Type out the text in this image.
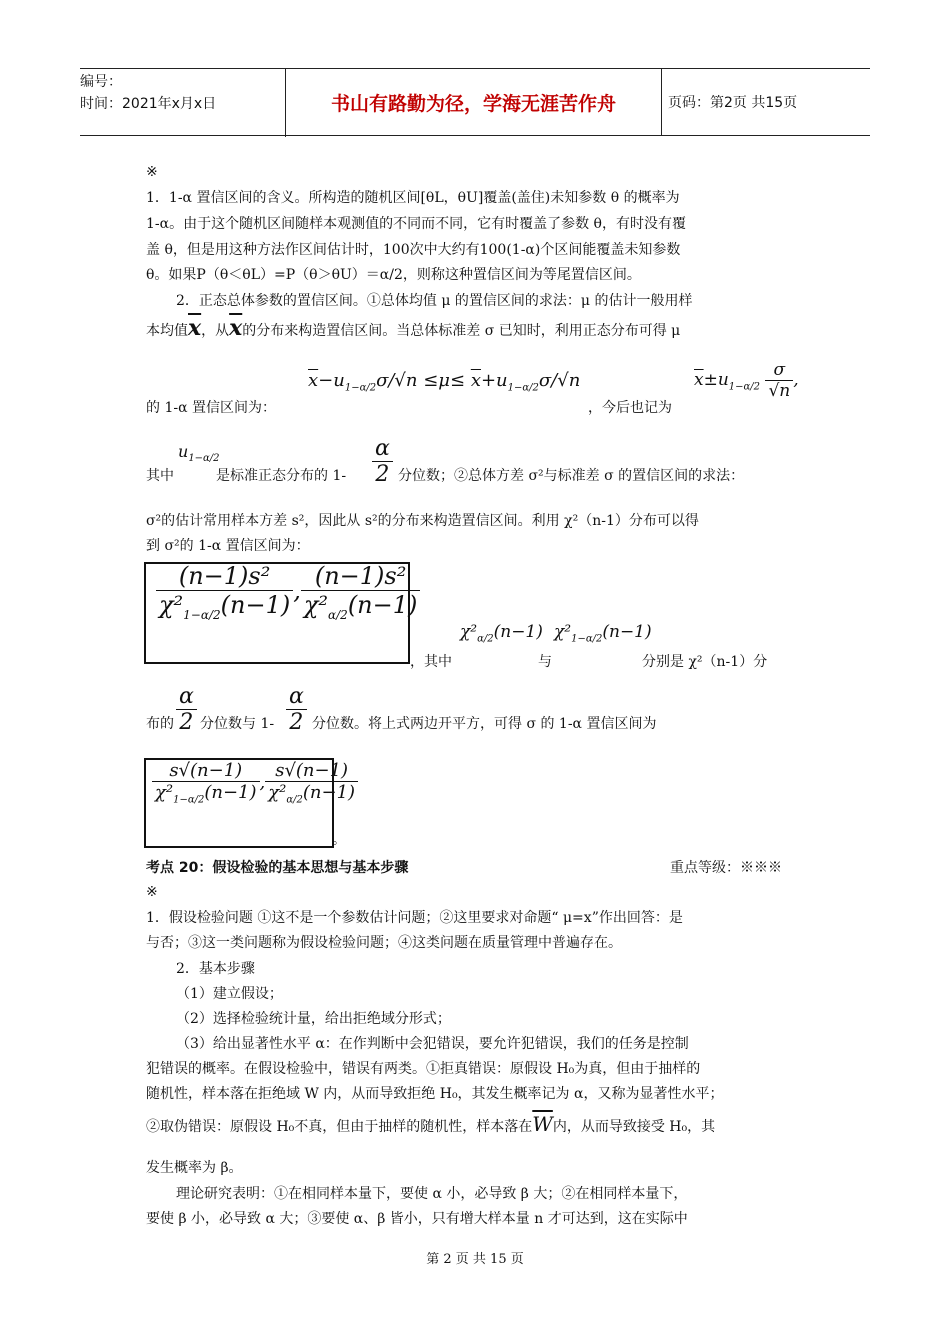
编号：
时间：2021年x月x日	书山有路勤为径，学海无涯苦作舟	页码：第2页 共15页
※
1．1-α 置信区间的含义。所构造的随机区间[θL，θU]覆盖(盖住)未知参数 θ 的概率为
1-α。由于这个随机区间随样本观测值的不同而不同，它有时覆盖了参数 θ，有时没有覆
盖 θ，但是用这种方法作区间估计时，100次中大约有100(1-α)个区间能覆盖未知参数
θ。如果P（θ＜θL）=P（θ＞θU）＝α/2，则称这种置信区间为等尾置信区间。
2．正态总体参数的置信区间。①总体均值 μ 的置信区间的求法：μ 的估计一般用样
本均值$\overline{x}$，从$\overline{x}$的分布来构造置信区间。当总体标准差 σ 已知时，利用正态分布可得 μ
$\overline{x}-u_{1-\alpha/2}\sigma/√n \le\mu\le \overline{x}+u_{1-\alpha/2}\sigma/√n$
的 1-α 置信区间为：	，今后也记为
$\overline{x}\pm u_{1-\alpha/2} \frac{\sigma}{√n}$ ,
$u_{1-\alpha/2}$
其中	是标准正态分布的 $1- \frac{\alpha}{2}$ 分位数；②总体方差 σ²与标准差 σ 的置信区间的求法：
σ²的估计常用样本方差 s²，因此从 s²的分布来构造置信区间。利用 χ²（n-1）分布可以得
到 σ²的 1-α 置信区间为：
$\frac{\text{(n−1)s²}}{\chi^2_{1-\alpha/2}(n-1)}$ , $\frac{\text{(n−1)s²}}{\chi^2_{\alpha/2}(n-1)}$
，其中
$\chi^2_{\alpha/2}(n-1)$
与
$\chi^2_{1-\alpha/2}(n-1)$
分别是 χ²（n-1）分
$\frac{\alpha}{2}$
布的 分位数与 $1- \frac{\alpha}{2}$ 分位数。将上式两边开平方，可得 σ 的 1-α 置信区间为
$\frac{s√(n-1)}{\chi^2_{1-\alpha/2}(n-1)}$ , $\frac{s√(n-1)}{\chi^2_{\alpha/2}(n-1)}$
。
考点 20：假设检验的基本思想与基本步骤	重点等级：※※※
※
1．假设检验问题 ①这不是一个参数估计问题；②这里要求对命题“ μ=x”作出回答：是
与否；③这一类问题称为假设检验问题；④这类问题在质量管理中普遍存在。
2．基本步骤
（1）建立假设；
（2）选择检验统计量，给出拒绝域分形式；
（3）给出显著性水平 α：在作判断中会犯错误，要允许犯错误，我们的任务是控制
犯错误的概率。在假设检验中，错误有两类。①拒真错误：原假设 H₀为真，但由于抽样的
随机性，样本落在拒绝域 W 内，从而导致拒绝 H₀，其发生概率记为 α，又称为显著性水平；
②取伪错误：原假设 H₀不真，但由于抽样的随机性，样本落在$\overline{W}$内，从而导致接受 H₀，其
发生概率为 β。
理论研究表明：①在相同样本量下，要使 α 小，必导致 β 大；②在相同样本量下，
要使 β 小，必导致 α 大；③要使 α、β 皆小，只有增大样本量 n 才可达到，这在实际中
第 2 页 共 15 页
